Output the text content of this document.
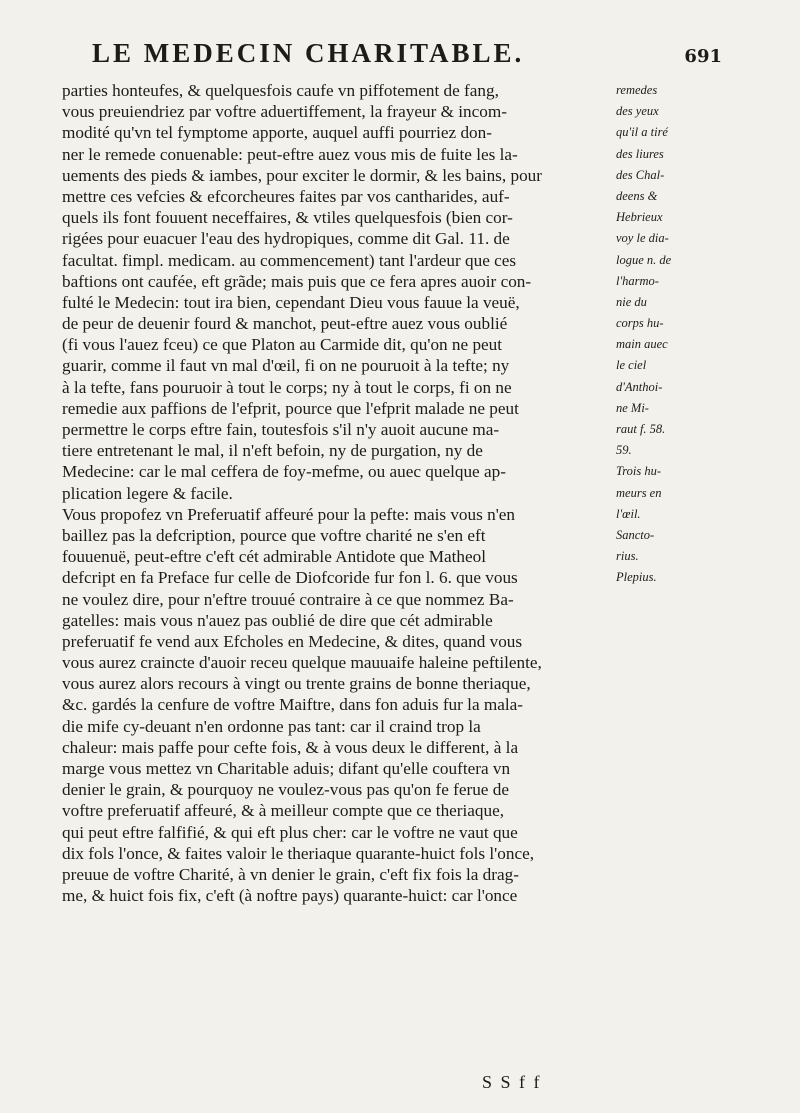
LE MEDECIN CHARITABLE.	691
parties honteufes, & quelquesfois caufe vn piffotement de fang,
vous preuiendriez par voftre aduertiffement, la frayeur & incom-
modité qu'vn tel fymptome apporte, auquel auffi pourriez don-
ner le remede conuenable: peut-eftre auez vous mis de fuite les la-
uements des pieds & iambes, pour exciter le dormir, & les bains, pour
mettre ces vefcies & efcorcheures faites par vos cantharides, auf-
quels ils font fouuent neceffaires, & vtiles quelquesfois (bien cor-
rigées pour euacuer l'eau des hydropiques, comme dit Gal. 11. de
facultat. fimpl. medicam. au commencement) tant l'ardeur que ces
baftions ont caufée, eft grãde; mais puis que ce fera apres auoir con-
fulté le Medecin: tout ira bien, cependant Dieu vous fauue la veuë,
de peur de deuenir fourd & manchot, peut-eftre auez vous oublié
(fi vous l'auez fceu) ce que Platon au Carmide dit, qu'on ne peut
guarir, comme il faut vn mal d'œil, fi on ne pouruoit à la tefte; ny
à la tefte, fans pouruoir à tout le corps; ny à tout le corps, fi on ne
remedie aux paffions de l'efprit, pource que l'efprit malade ne peut
permettre le corps eftre fain, toutesfois s'il n'y auoit aucune ma-
tiere entretenant le mal, il n'eft befoin, ny de purgation, ny de
Medecine: car le mal ceffera de foy-mefme, ou auec quelque ap-
plication legere & facile.
Vous propofez vn Preferuatif affeuré pour la pefte: mais vous n'en
baillez pas la defcription, pource que voftre charité ne s'en eft
fouuenuë, peut-eftre c'eft cét admirable Antidote que Matheol
defcript en fa Preface fur celle de Diofcoride fur fon l. 6. que vous
ne voulez dire, pour n'eftre trouué contraire à ce que nommez Ba-
gatelles: mais vous n'auez pas oublié de dire que cét admirable
preferuatif fe vend aux Efcholes en Medecine, & dites, quand vous
vous aurez craincte d'auoir receu quelque mauuaife haleine peftilente,
vous aurez alors recours à vingt ou trente grains de bonne theriaque,
&c. gardés la cenfure de voftre Maiftre, dans fon aduis fur la mala-
die mife cy-deuant n'en ordonne pas tant: car il craind trop la
chaleur: mais paffe pour cefte fois, & à vous deux le different, à la
marge vous mettez vn Charitable aduis; difant qu'elle couftera vn
denier le grain, & pourquoy ne voulez-vous pas qu'on fe ferue de
voftre preferuatif affeuré, & à meilleur compte que ce theriaque,
qui peut eftre falfifié, & qui eft plus cher: car le voftre ne vaut que
dix fols l'once, & faites valoir le theriaque quarante-huict fols l'once,
preuue de voftre Charité, à vn denier le grain, c'eft fix fois la drag-
me, & huict fois fix, c'eft (à noftre pays) quarante-huict: car l'once
remedes
des yeux
qu'il a tiré
des liures
des Chal-
deens &
Hebrieux
voy le dia-
logue n. de
l'harmo-
nie du
corps hu-
main auec
le ciel
d'Anthoi-
ne Mi-
raut f. 58.
59.
Trois hu-
meurs en
l'œil.
Sancto-
rius.
Plepius.
S S f f
